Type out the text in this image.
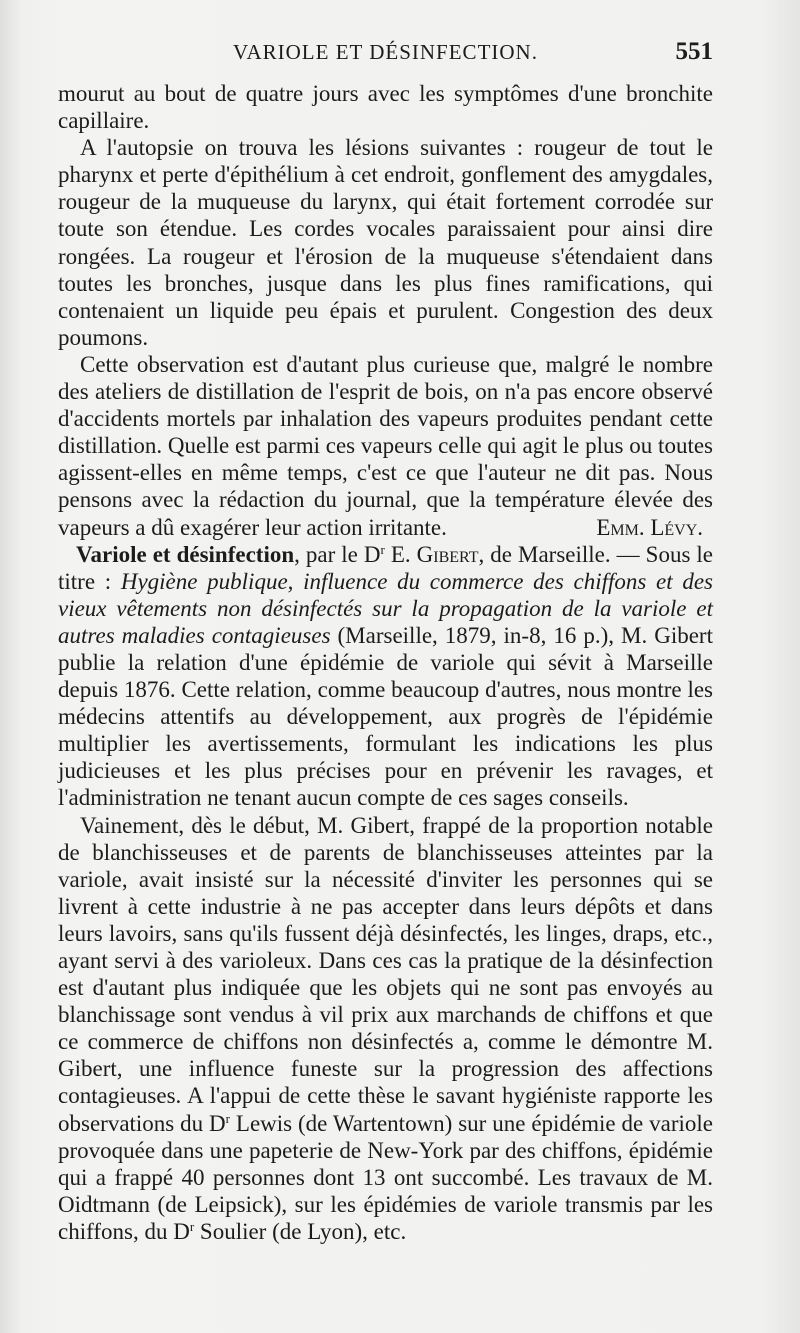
VARIOLE ET DÉSINFECTION.	551

mourut au bout de quatre jours avec les symptômes d'une bronchite capillaire.

A l'autopsie on trouva les lésions suivantes : rougeur de tout le pharynx et perte d'épithélium à cet endroit, gonflement des amygdales, rougeur de la muqueuse du larynx, qui était fortement corrodée sur toute son étendue. Les cordes vocales paraissaient pour ainsi dire rongées. La rougeur et l'érosion de la muqueuse s'étendaient dans toutes les bronches, jusque dans les plus fines ramifications, qui contenaient un liquide peu épais et purulent. Congestion des deux poumons.

Cette observation est d'autant plus curieuse que, malgré le nombre des ateliers de distillation de l'esprit de bois, on n'a pas encore observé d'accidents mortels par inhalation des vapeurs produites pendant cette distillation. Quelle est parmi ces vapeurs celle qui agit le plus ou toutes agissent-elles en même temps, c'est ce que l'auteur ne dit pas. Nous pensons avec la rédaction du journal, que la température élevée des vapeurs a dû exagérer leur action irritante.	Emm. Lévy.

Variole et désinfection, par le $D^r$ E. Gibert, de Marseille. — Sous le titre : Hygiène publique, influence du commerce des chiffons et des vieux vêtements non désinfectés sur la propagation de la variole et autres maladies contagieuses (Marseille, 1879, in-8, 16 p.), M. Gibert publie la relation d'une épidémie de variole qui sévit à Marseille depuis 1876. Cette relation, comme beaucoup d'autres, nous montre les médecins attentifs au développement, aux progrès de l'épidémie multiplier les avertissements, formulant les indications les plus judicieuses et les plus précises pour en prévenir les ravages, et l'administration ne tenant aucun compte de ces sages conseils.

Vainement, dès le début, M. Gibert, frappé de la proportion notable de blanchisseuses et de parents de blanchisseuses atteintes par la variole, avait insisté sur la nécessité d'inviter les personnes qui se livrent à cette industrie à ne pas accepter dans leurs dépôts et dans leurs lavoirs, sans qu'ils fussent déjà désinfectés, les linges, draps, etc., ayant servi à des varioleux. Dans ces cas la pratique de la désinfection est d'autant plus indiquée que les objets qui ne sont pas envoyés au blanchissage sont vendus à vil prix aux marchands de chiffons et que ce commerce de chiffons non désinfectés a, comme le démontre M. Gibert, une influence funeste sur la progression des affections contagieuses. A l'appui de cette thèse le savant hygiéniste rapporte les observations du $D^r$ Lewis (de Wartentown) sur une épidémie de variole provoquée dans une papeterie de New-York par des chiffons, épidémie qui a frappé 40 personnes dont 13 ont succombé. Les travaux de M. Oidtmann (de Leipsick), sur les épidémies de variole transmis par les chiffons, du $D^r$ Soulier (de Lyon), etc.
